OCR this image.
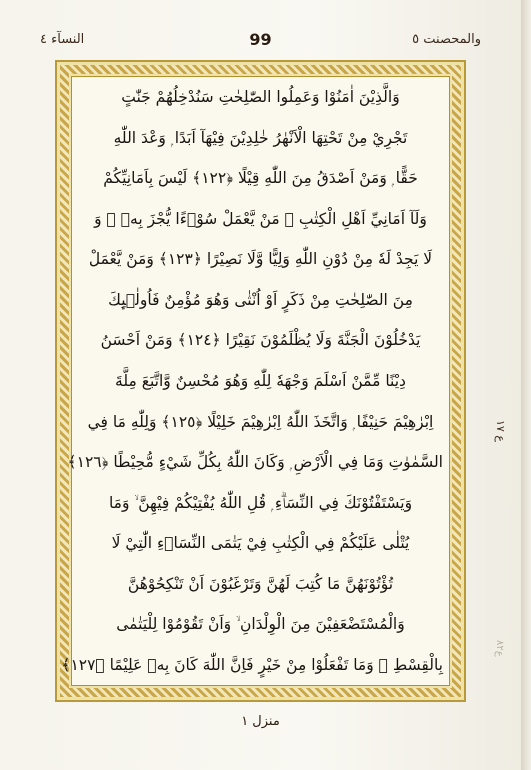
والمحصنت ٥
99
النسآء ٤
وَالَّذِيْنَ اٰمَنُوْا وَعَمِلُوا الصّٰلِحٰتِ سَنُدْخِلُهُمْ جَنّٰتٍ
تَجْرِيْ مِنْ تَحْتِهَا الْاَنْهٰرُ خٰلِدِيْنَ فِيْهَآ اَبَدًا ۭ وَعْدَ اللّٰهِ
حَقًّا ۭ وَمَنْ اَصْدَقُ مِنَ اللّٰهِ قِيْلًا ﴿١٢٢﴾ لَيْسَ بِاَمَانِيِّكُمْ
وَلَآ اَمَانِيِّ اَهْلِ الْكِتٰبِ ۭ مَنْ يَّعْمَلْ سُوْۗءًا يُّجْزَ بِهٖ ۙ وَ
لَا يَجِدْ لَهٗ مِنْ دُوْنِ اللّٰهِ وَلِيًّا وَّلَا نَصِيْرًا ﴿١٢٣﴾ وَمَنْ يَّعْمَلْ
مِنَ الصّٰلِحٰتِ مِنْ ذَكَرٍ اَوْ اُنْثٰى وَهُوَ مُؤْمِنٌ فَاُولٰۗىِٕكَ
يَدْخُلُوْنَ الْجَنَّةَ وَلَا يُظْلَمُوْنَ نَقِيْرًا ﴿١٢٤﴾ وَمَنْ اَحْسَنُ
دِيْنًا مِّمَّنْ اَسْلَمَ وَجْهَهٗ لِلّٰهِ وَهُوَ مُحْسِنٌ وَّاتَّبَعَ مِلَّةَ
اِبْرٰهِيْمَ حَنِيْفًا ۭ وَاتَّخَذَ اللّٰهُ اِبْرٰهِيْمَ خَلِيْلًا ﴿١٢٥﴾ وَلِلّٰهِ مَا فِي
السَّمٰوٰتِ وَمَا فِي الْاَرْضِ ۭ وَكَانَ اللّٰهُ بِكُلِّ شَيْءٍ مُّحِيْطًا ﴿١٢٦﴾
وَيَسْتَفْتُوْنَكَ فِي النِّسَاۗءِ ۭ قُلِ اللّٰهُ يُفْتِيْكُمْ فِيْهِنَّ ۙ وَمَا
يُتْلٰى عَلَيْكُمْ فِي الْكِتٰبِ فِيْ يَتٰمَى النِّسَاۗءِ الّٰتِيْ لَا
تُؤْتُوْنَهُنَّ مَا كُتِبَ لَهُنَّ وَتَرْغَبُوْنَ اَنْ تَنْكِحُوْهُنَّ
وَالْمُسْتَضْعَفِيْنَ مِنَ الْوِلْدَانِ ۙ وَاَنْ تَقُوْمُوْا لِلْيَتٰمٰى
بِالْقِسْطِ ۭ وَمَا تَفْعَلُوْا مِنْ خَيْرٍ فَاِنَّ اللّٰهَ كَانَ بِهٖ عَلِيْمًا ﴿١٢٧﴾
ع ١٧
۸۲ع
منزل ١
